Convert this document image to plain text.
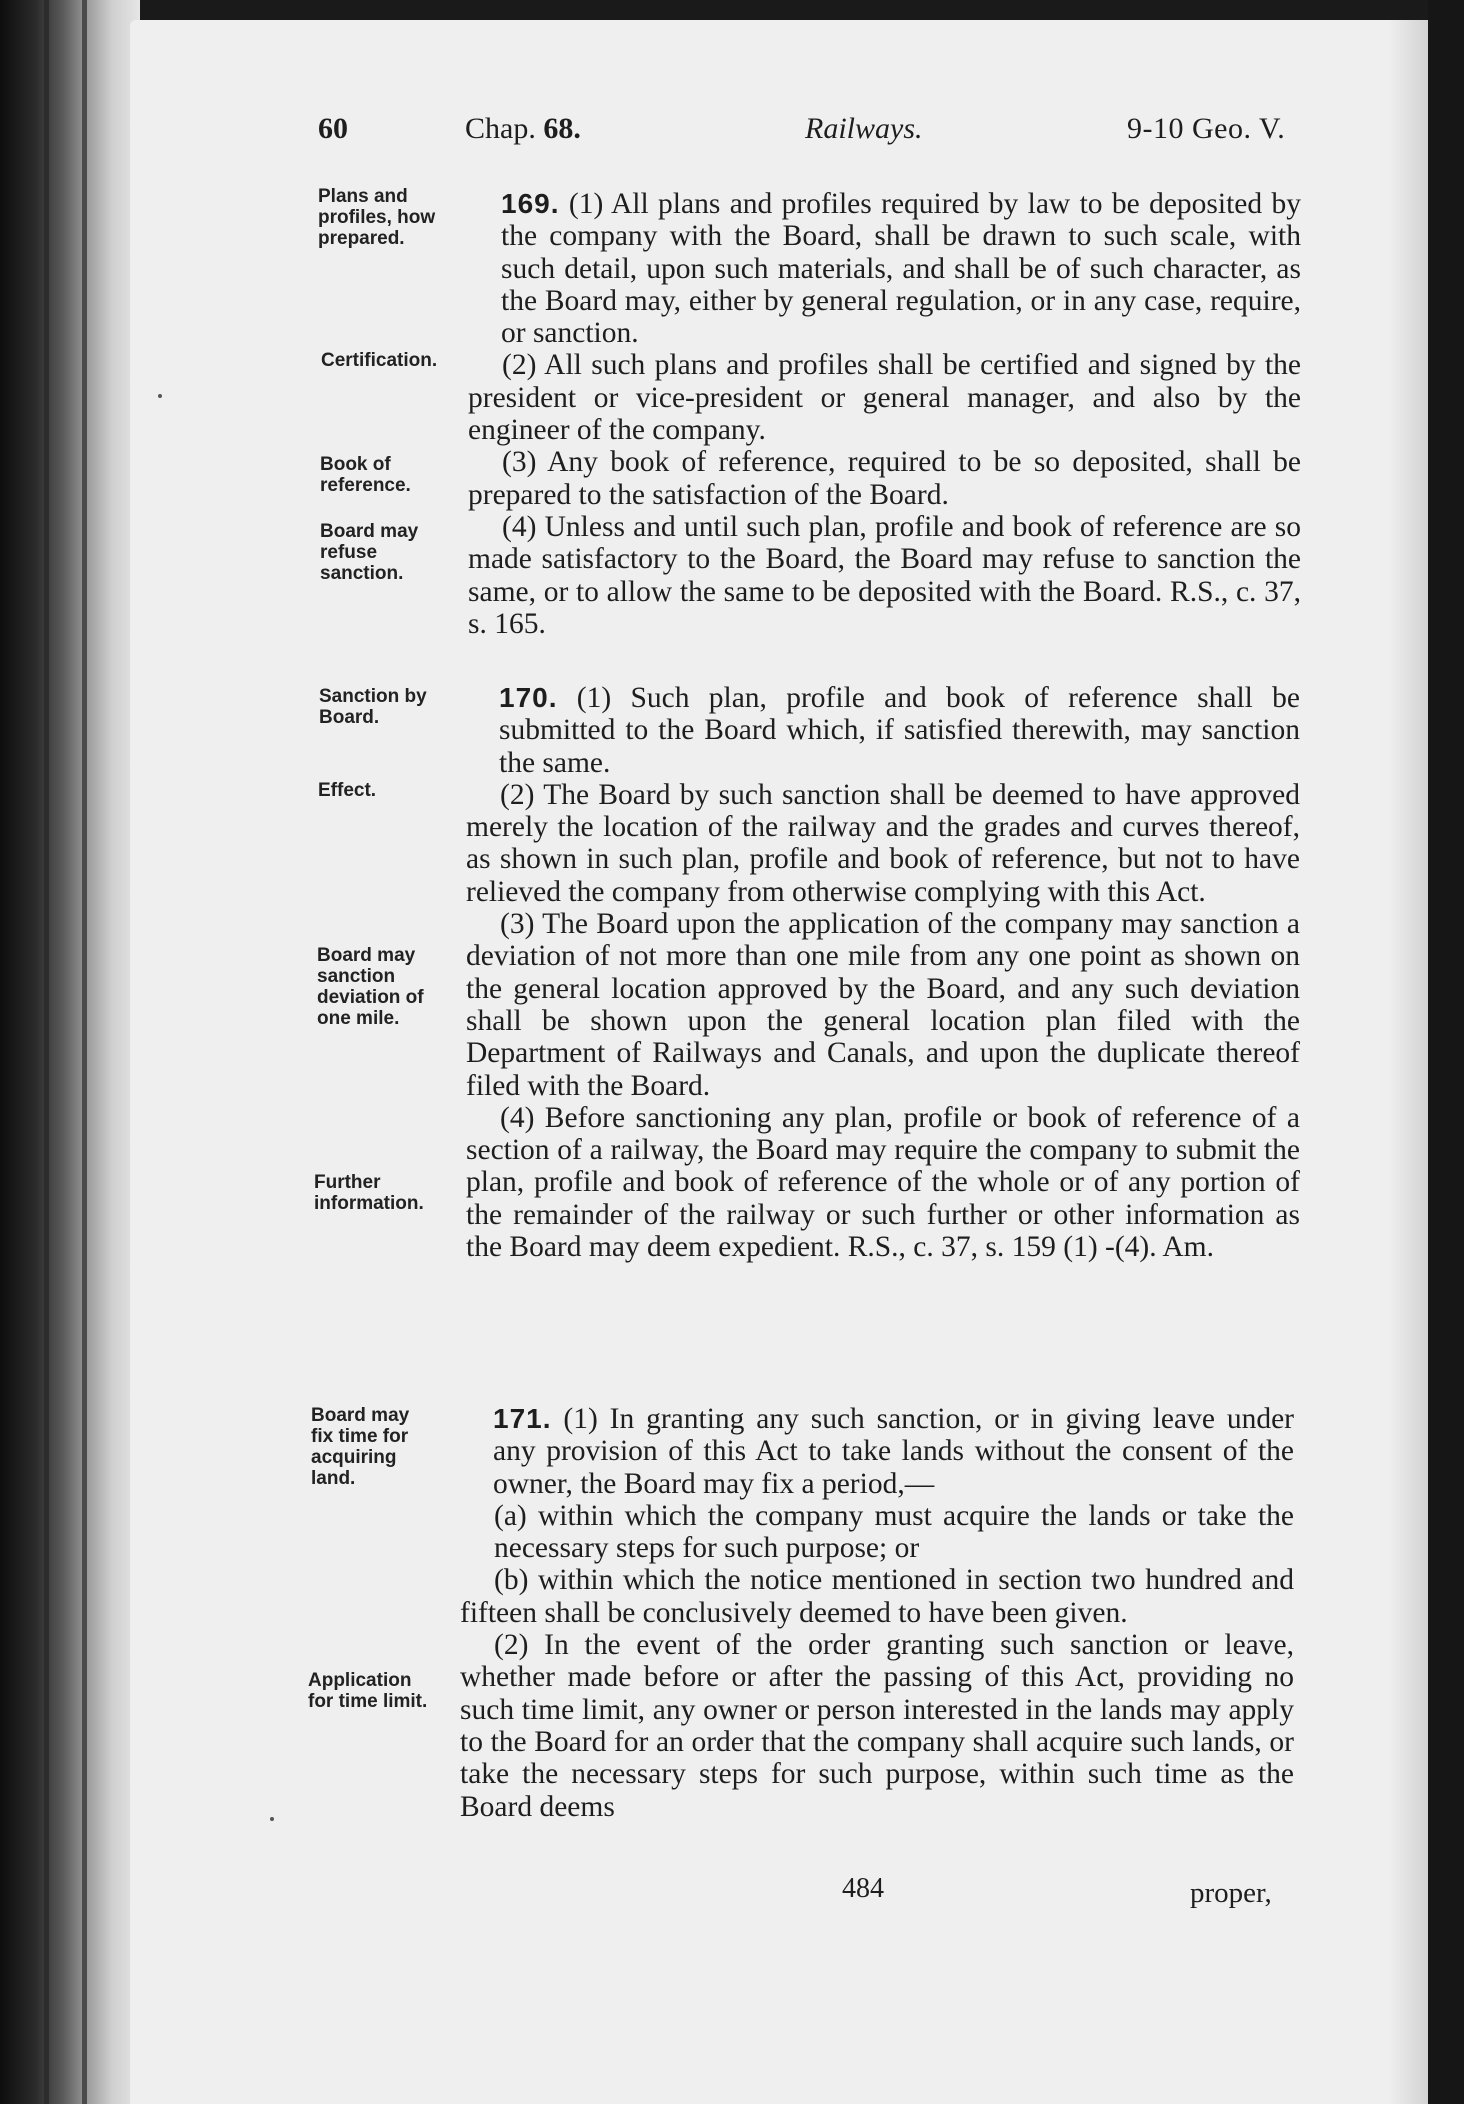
60	Chap. 68.	Railways.	9-10 Geo. V.
Plans and profiles, how prepared.
Certification.
Book of reference.
Board may refuse sanction.
Sanction by Board.
Effect.
Board may sanction deviation of one mile.
Further information.
Board may fix time for acquiring land.
Application for time limit.

169. (1) All plans and profiles required by law to be deposited by the company with the Board, shall be drawn to such scale, with such detail, upon such materials, and shall be of such character, as the Board may, either by general regulation, or in any case, require, or sanction.

(2) All such plans and profiles shall be certified and signed by the president or vice-president or general manager, and also by the engineer of the company.

(3) Any book of reference, required to be so deposited, shall be prepared to the satisfaction of the Board.

(4) Unless and until such plan, profile and book of reference are so made satisfactory to the Board, the Board may refuse to sanction the same, or to allow the same to be deposited with the Board. R.S., c. 37, s. 165.

170. (1) Such plan, profile and book of reference shall be submitted to the Board which, if satisfied therewith, may sanction the same.

(2) The Board by such sanction shall be deemed to have approved merely the location of the railway and the grades and curves thereof, as shown in such plan, profile and book of reference, but not to have relieved the company from otherwise complying with this Act.

(3) The Board upon the application of the company may sanction a deviation of not more than one mile from any one point as shown on the general location approved by the Board, and any such deviation shall be shown upon the general location plan filed with the Department of Railways and Canals, and upon the duplicate thereof filed with the Board.

(4) Before sanctioning any plan, profile or book of reference of a section of a railway, the Board may require the company to submit the plan, profile and book of reference of the whole or of any portion of the remainder of the railway or such further or other information as the Board may deem expedient. R.S., c. 37, s. 159 (1) -(4). Am.

171. (1) In granting any such sanction, or in giving leave under any provision of this Act to take lands without the consent of the owner, the Board may fix a period,—

(a) within which the company must acquire the lands or take the necessary steps for such purpose; or

(b) within which the notice mentioned in section two hundred and fifteen shall be conclusively deemed to have been given.

(2) In the event of the order granting such sanction or leave, whether made before or after the passing of this Act, providing no such time limit, any owner or person interested in the lands may apply to the Board for an order that the company shall acquire such lands, or take the necessary steps for such purpose, within such time as the Board deems

484	proper,
